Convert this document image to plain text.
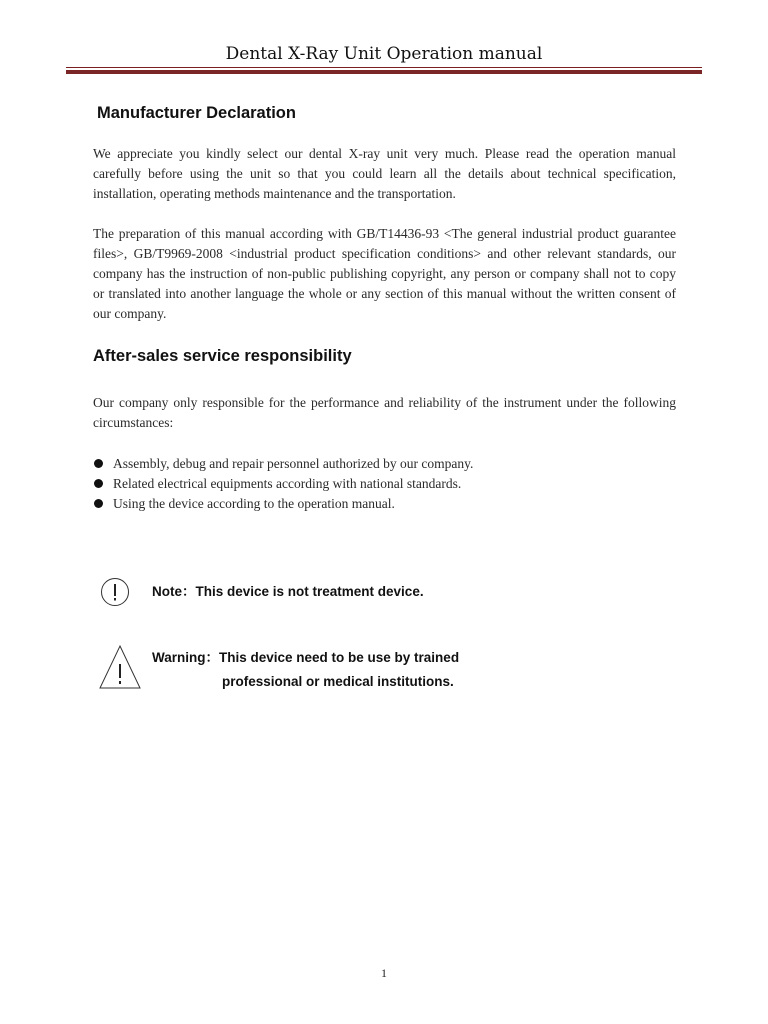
Dental X-Ray Unit Operation manual
Manufacturer Declaration

We appreciate you kindly select our dental X-ray unit very much. Please read the operation manual carefully before using the unit so that you could learn all the details about technical specification, installation, operating methods maintenance and the transportation.

The preparation of this manual according with GB/T14436-93 <The general industrial product guarantee files>, GB/T9969-2008 <industrial product specification conditions> and other relevant standards, our company has the instruction of non-public publishing copyright, any person or company shall not to copy or translated into another language the whole or any section of this manual without the written consent of our company.

After-sales service responsibility

Our company only responsible for the performance and reliability of the instrument under the following circumstances:

Assembly, debug and repair personnel authorized by our company.
Related electrical equipments according with national standards.
Using the device according to the operation manual.
Note：This device is not treatment device.
Warning：This device need to be use by trained
professional or medical institutions.
1
